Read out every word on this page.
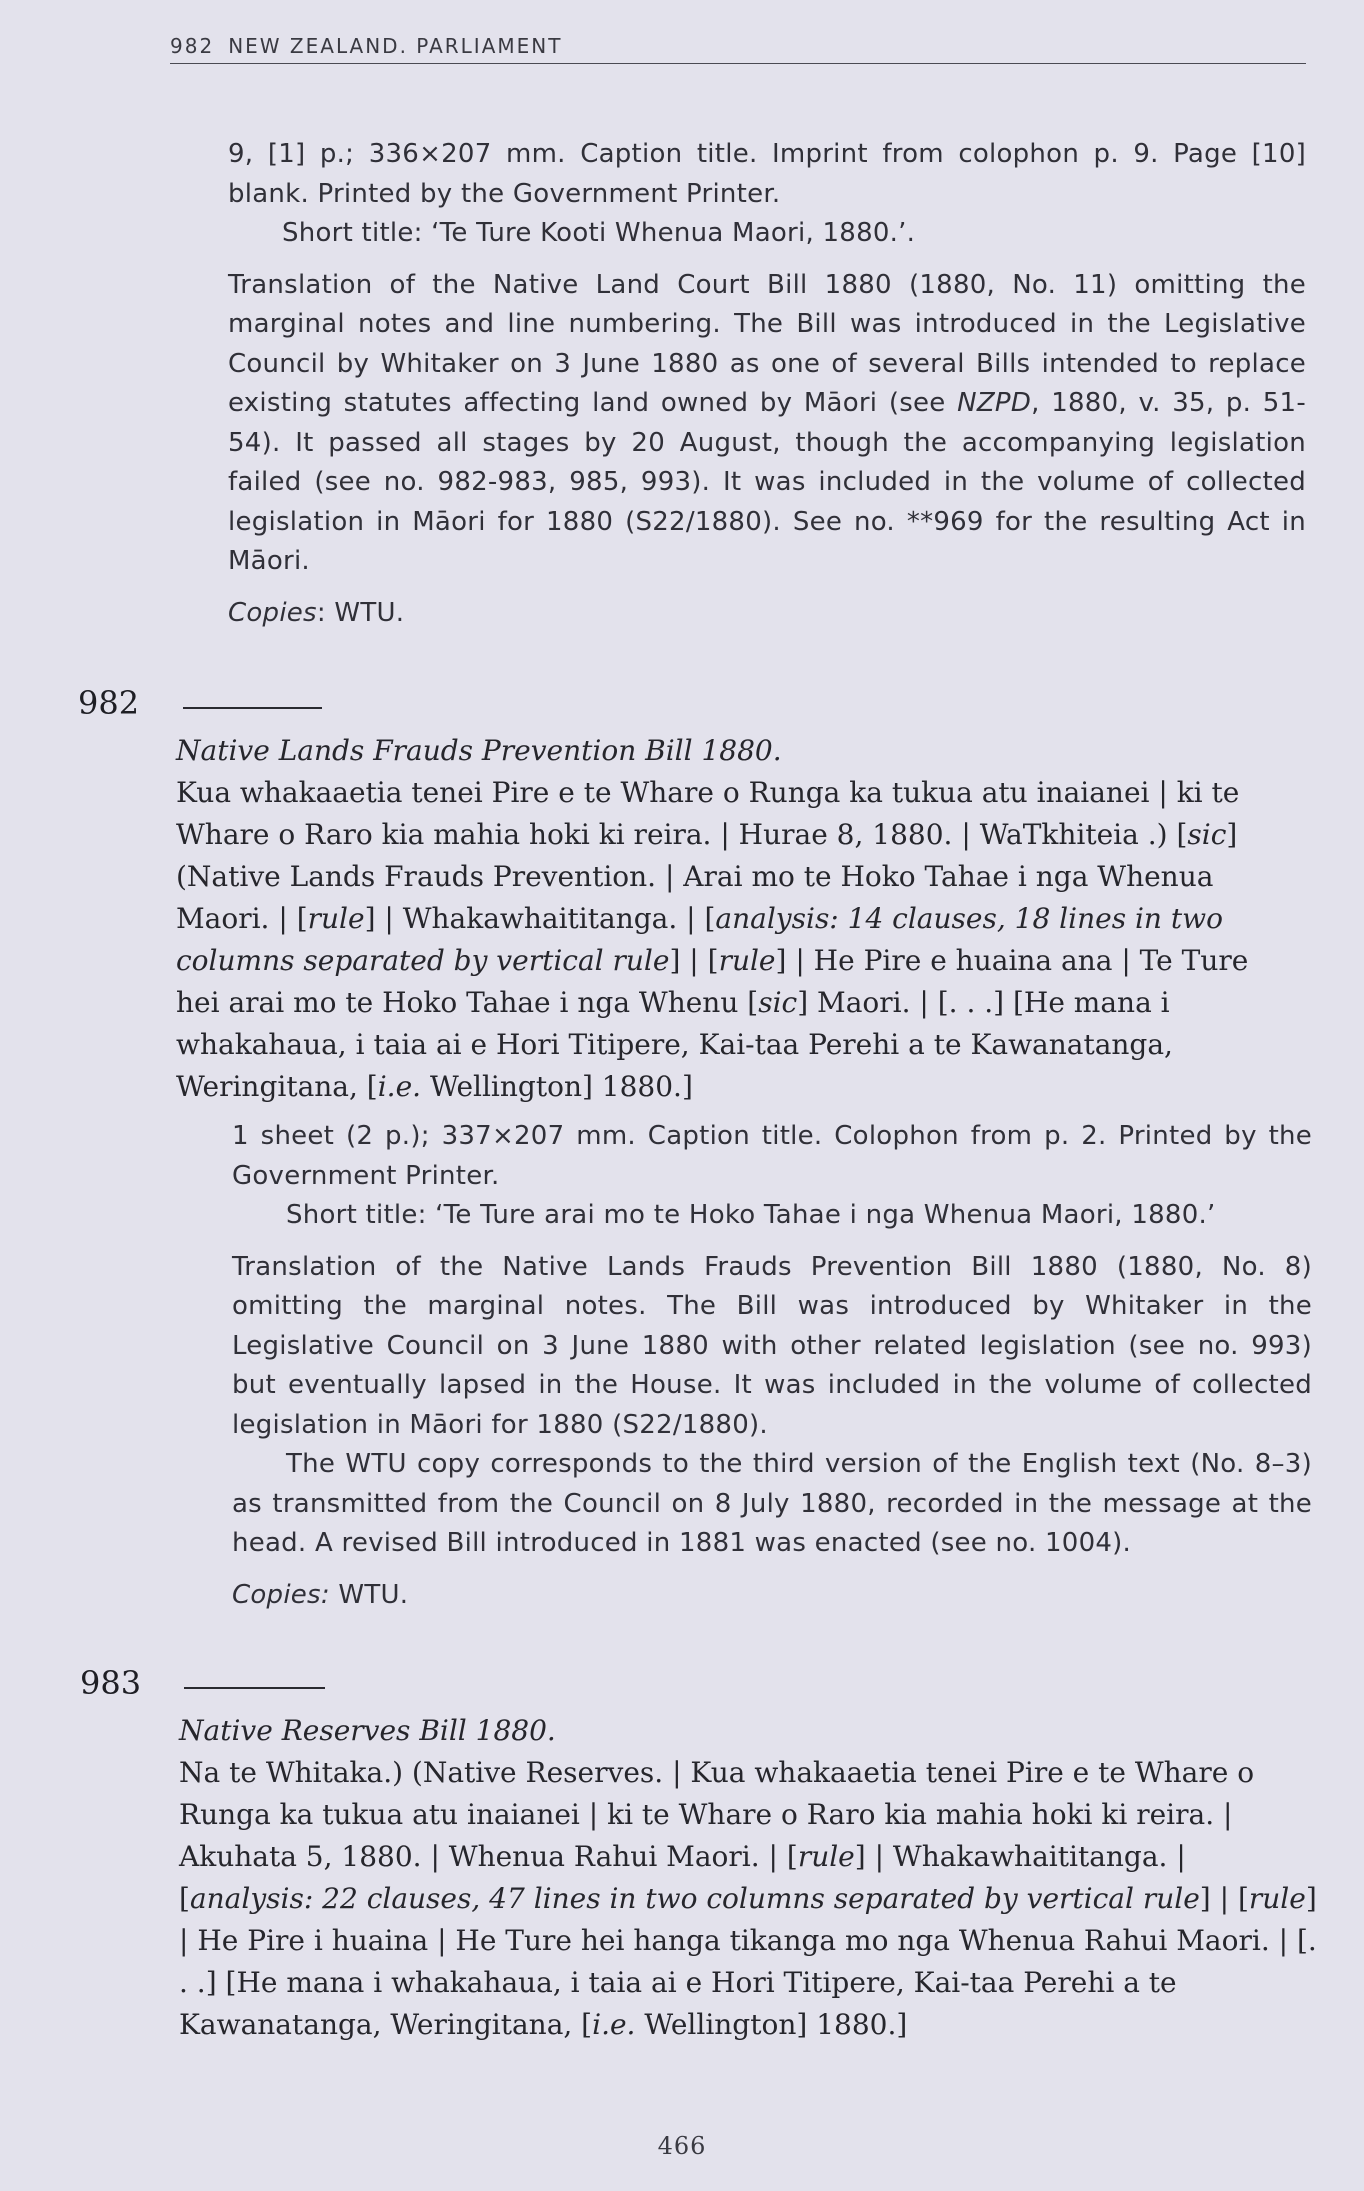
982 NEW ZEALAND. PARLIAMENT

9, [1] p.; 336×207 mm. Caption title. Imprint from colophon p. 9. Page [10] blank. Printed by the Government Printer.

Short title: ‘Te Ture Kooti Whenua Maori, 1880.’.

Translation of the Native Land Court Bill 1880 (1880, No. 11) omitting the marginal notes and line numbering. The Bill was introduced in the Legislative Council by Whitaker on 3 June 1880 as one of several Bills intended to replace existing statutes affecting land owned by Māori (see NZPD, 1880, v. 35, p. 51-54). It passed all stages by 20 August, though the accompanying legislation failed (see no. 982-983, 985, 993). It was included in the volume of collected legislation in Māori for 1880 (S22/1880). See no. **969 for the resulting Act in Māori.

Copies: WTU.

982

Native Lands Frauds Prevention Bill 1880.

Kua whakaaetia tenei Pire e te Whare o Runga ka tukua atu inaianei | ki te Whare o Raro kia mahia hoki ki reira. | Hurae 8, 1880. | WaTkhiteia .) [sic] (Native Lands Frauds Prevention. | Arai mo te Hoko Tahae i nga Whenua Maori. | [rule] | Whakawhaititanga. | [analysis: 14 clauses, 18 lines in two columns separated by vertical rule] | [rule] | He Pire e huaina ana | Te Ture hei arai mo te Hoko Tahae i nga Whenu [sic] Maori. | [. . .] [He mana i whakahaua, i taia ai e Hori Titipere, Kai-taa Perehi a te Kawanatanga, Weringitana, [i.e. Wellington] 1880.]

1 sheet (2 p.); 337×207 mm. Caption title. Colophon from p. 2. Printed by the Government Printer.

Short title: ‘Te Ture arai mo te Hoko Tahae i nga Whenua Maori, 1880.’

Translation of the Native Lands Frauds Prevention Bill 1880 (1880, No. 8) omitting the marginal notes. The Bill was introduced by Whitaker in the Legislative Council on 3 June 1880 with other related legislation (see no. 993) but eventually lapsed in the House. It was included in the volume of collected legislation in Māori for 1880 (S22/1880).

The WTU copy corresponds to the third version of the English text (No. 8–3) as transmitted from the Council on 8 July 1880, recorded in the message at the head. A revised Bill introduced in 1881 was enacted (see no. 1004).

Copies: WTU.

983

Native Reserves Bill 1880.

Na te Whitaka.) (Native Reserves. | Kua whakaaetia tenei Pire e te Whare o Runga ka tukua atu inaianei | ki te Whare o Raro kia mahia hoki ki reira. | Akuhata 5, 1880. | Whenua Rahui Maori. | [rule] | Whakawhaititanga. | [analysis: 22 clauses, 47 lines in two columns separated by vertical rule] | [rule] | He Pire i huaina | He Ture hei hanga tikanga mo nga Whenua Rahui Maori. | [. . .] [He mana i whakahaua, i taia ai e Hori Titipere, Kai-taa Perehi a te Kawanatanga, Weringitana, [i.e. Wellington] 1880.]

466
